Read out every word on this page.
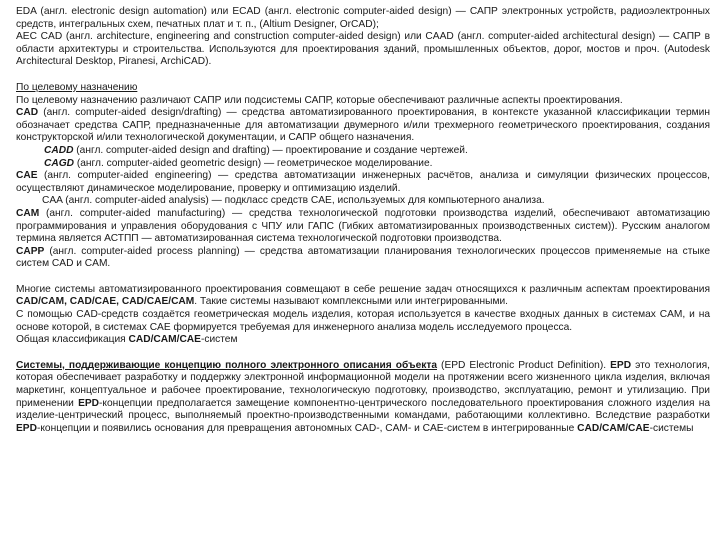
EDA (англ. electronic design automation) или ECAD (англ. electronic computer-aided design) — САПР электронных устройств, радиоэлектронных средств, интегральных схем, печатных плат и т. п., (Altium Designer, OrCAD);

AEC CAD (англ. architecture, engineering and construction computer-aided design) или CAAD (англ. computer-aided architectural design) — САПР в области архитектуры и строительства. Используются для проектирования зданий, промышленных объектов, дорог, мостов и проч. (Autodesk Architectural Desktop, Piranesi, ArchiCAD).

По целевому назначению

По целевому назначению различают САПР или подсистемы САПР, которые обеспечивают различные аспекты проектирования.

CAD (англ. computer-aided design/drafting) — средства автоматизированного проектирования, в контексте указанной классификации термин обозначает средства САПР, предназначенные для автоматизации двумерного и/или трехмерного геометрического проектирования, создания конструкторской и/или технологической документации, и САПР общего назначения.

CADD (англ. computer-aided design and drafting) — проектирование и создание чертежей.

CAGD (англ. computer-aided geometric design) — геометрическое моделирование.

CAE (англ. computer-aided engineering) — средства автоматизации инженерных расчётов, анализа и симуляции физических процессов, осуществляют динамическое моделирование, проверку и оптимизацию изделий.

CAA (англ. computer-aided analysis) — подкласс средств CAE, используемых для компьютерного анализа.

CAM (англ. computer-aided manufacturing) — средства технологической подготовки производства изделий, обеспечивают автоматизацию программирования и управления оборудования с ЧПУ или ГАПС (Гибких автоматизированных производственных систем)). Русским аналогом термина является АСТПП — автоматизированная система технологической подготовки производства.

CAPP (англ. computer-aided process planning) — средства автоматизации планирования технологических процессов применяемые на стыке систем CAD и CAM.

Многие системы автоматизированного проектирования совмещают в себе решение задач относящихся к различным аспектам проектирования CAD/CAM, CAD/CAE, CAD/CAE/CAM. Такие системы называют комплексными или интегрированными.

С помощью CAD-средств создаётся геометрическая модель изделия, которая используется в качестве входных данных в системах CAM, и на основе которой, в системах CAE формируется требуемая для инженерного анализа модель исследуемого процесса.

Общая классификация CAD/CAM/CAE-систем

Системы, поддерживающие концепцию полного электронного описания объекта (EPD Electronic Product Definition). EPD это технология, которая обеспечивает разработку и поддержку электронной информационной модели на протяжении всего жизненного цикла изделия, включая маркетинг, концептуальное и рабочее проектирование, технологическую подготовку, производство, эксплуатацию, ремонт и утилизацию. При применении EPD-концепции предполагается замещение компонентно-центрического последовательного проектирования сложного изделия на изделие-центрический процесс, выполняемый проектно-производственными командами, работающими коллективно. Вследствие разработки EPD-концепции и появились основания для превращения автономных CAD-, CAM- и CAE-систем в интегрированные CAD/CAM/CAE-системы
